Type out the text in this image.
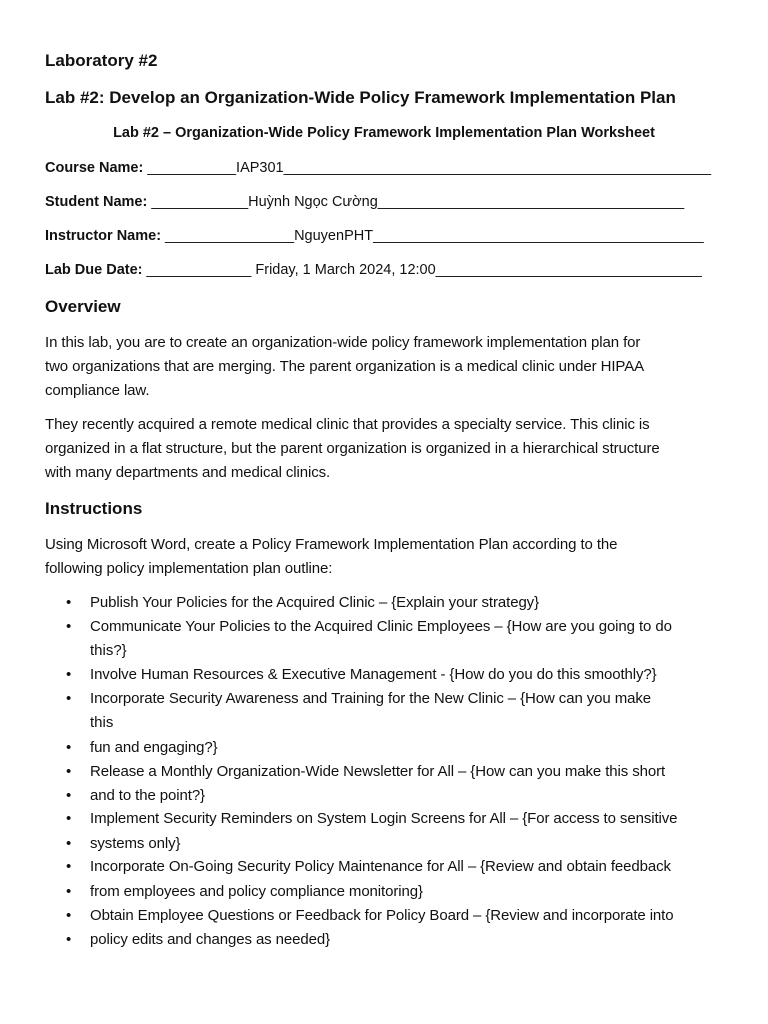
Laboratory #2
Lab #2: Develop an Organization-Wide Policy Framework Implementation Plan
Lab #2 – Organization-Wide Policy Framework Implementation Plan Worksheet
Course Name: ___________IAP301_____________________________________________________
Student Name: ____________Huỳnh Ngọc Cường______________________________________
Instructor Name: ________________NguyenPHT_________________________________________
Lab Due Date: _____________ Friday, 1 March 2024, 12:00_________________________________
Overview
In this lab, you are to create an organization-wide policy framework implementation plan for
two organizations that are merging. The parent organization is a medical clinic under HIPAA
compliance law.
They recently acquired a remote medical clinic that provides a specialty service. This clinic is
organized in a flat structure, but the parent organization is organized in a hierarchical structure
with many departments and medical clinics.
Instructions
Using Microsoft Word, create a Policy Framework Implementation Plan according to the
following policy implementation plan outline:
• Publish Your Policies for the Acquired Clinic – {Explain your strategy}
• Communicate Your Policies to the Acquired Clinic Employees – {How are you going to do
this?}
• Involve Human Resources & Executive Management - {How do you do this smoothly?}
• Incorporate Security Awareness and Training for the New Clinic – {How can you make
this
• fun and engaging?}
• Release a Monthly Organization-Wide Newsletter for All – {How can you make this short
• and to the point?}
• Implement Security Reminders on System Login Screens for All – {For access to sensitive
• systems only}
• Incorporate On-Going Security Policy Maintenance for All – {Review and obtain feedback
• from employees and policy compliance monitoring}
• Obtain Employee Questions or Feedback for Policy Board – {Review and incorporate into
• policy edits and changes as needed}
